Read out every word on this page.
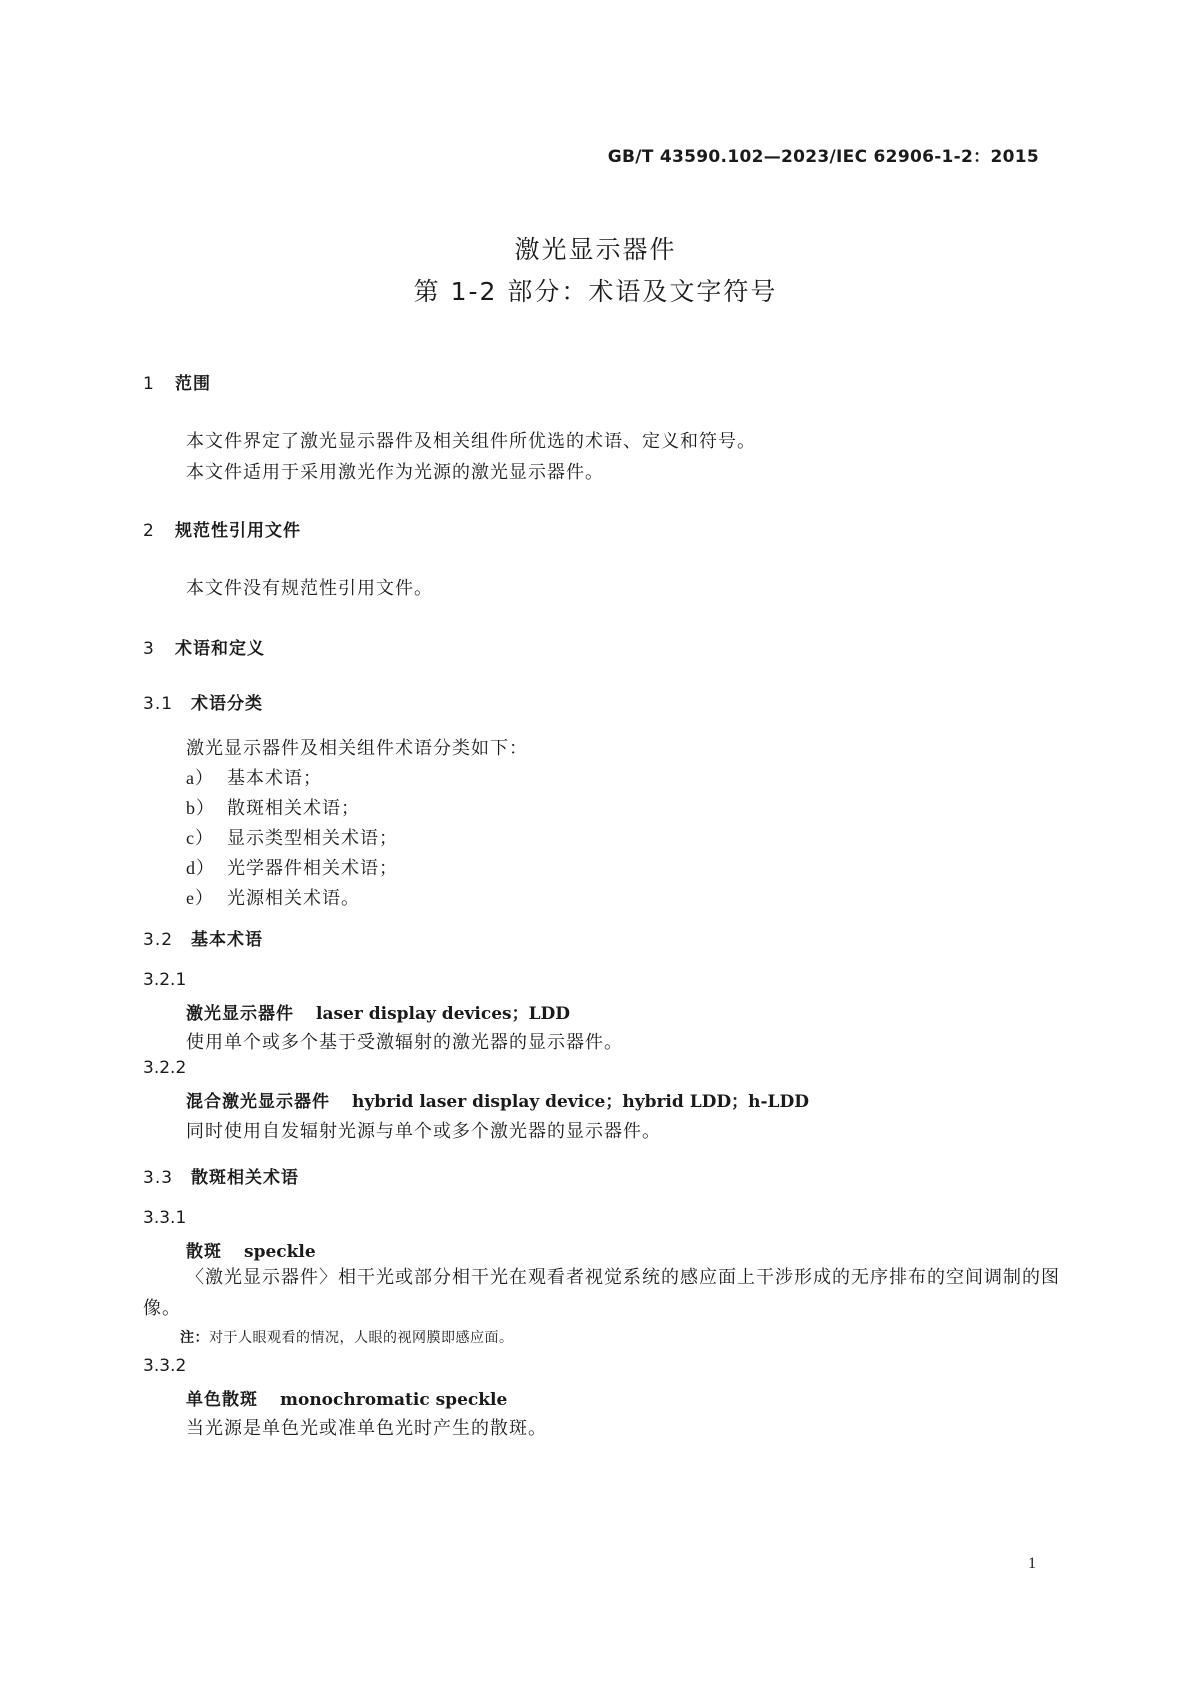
GB/T 43590.102—2023/IEC 62906-1-2：2015
激光显示器件
第 1-2 部分：术语及文字符号
1 范围
本文件界定了激光显示器件及相关组件所优选的术语、定义和符号。
本文件适用于采用激光作为光源的激光显示器件。
2 规范性引用文件
本文件没有规范性引用文件。
3 术语和定义
3.1 术语分类
激光显示器件及相关组件术语分类如下：
a） 基本术语；
b） 散斑相关术语；
c） 显示类型相关术语；
d） 光学器件相关术语；
e） 光源相关术语。
3.2 基本术语
3.2.1
激光显示器件 laser display devices；LDD
使用单个或多个基于受激辐射的激光器的显示器件。
3.2.2
混合激光显示器件 hybrid laser display device；hybrid LDD；h-LDD
同时使用自发辐射光源与单个或多个激光器的显示器件。
3.3 散斑相关术语
3.3.1
散斑 speckle
〈激光显示器件〉相干光或部分相干光在观看者视觉系统的感应面上干涉形成的无序排布的空间调制的图像。
注：对于人眼观看的情况，人眼的视网膜即感应面。
3.3.2
单色散斑 monochromatic speckle
当光源是单色光或准单色光时产生的散斑。
1
